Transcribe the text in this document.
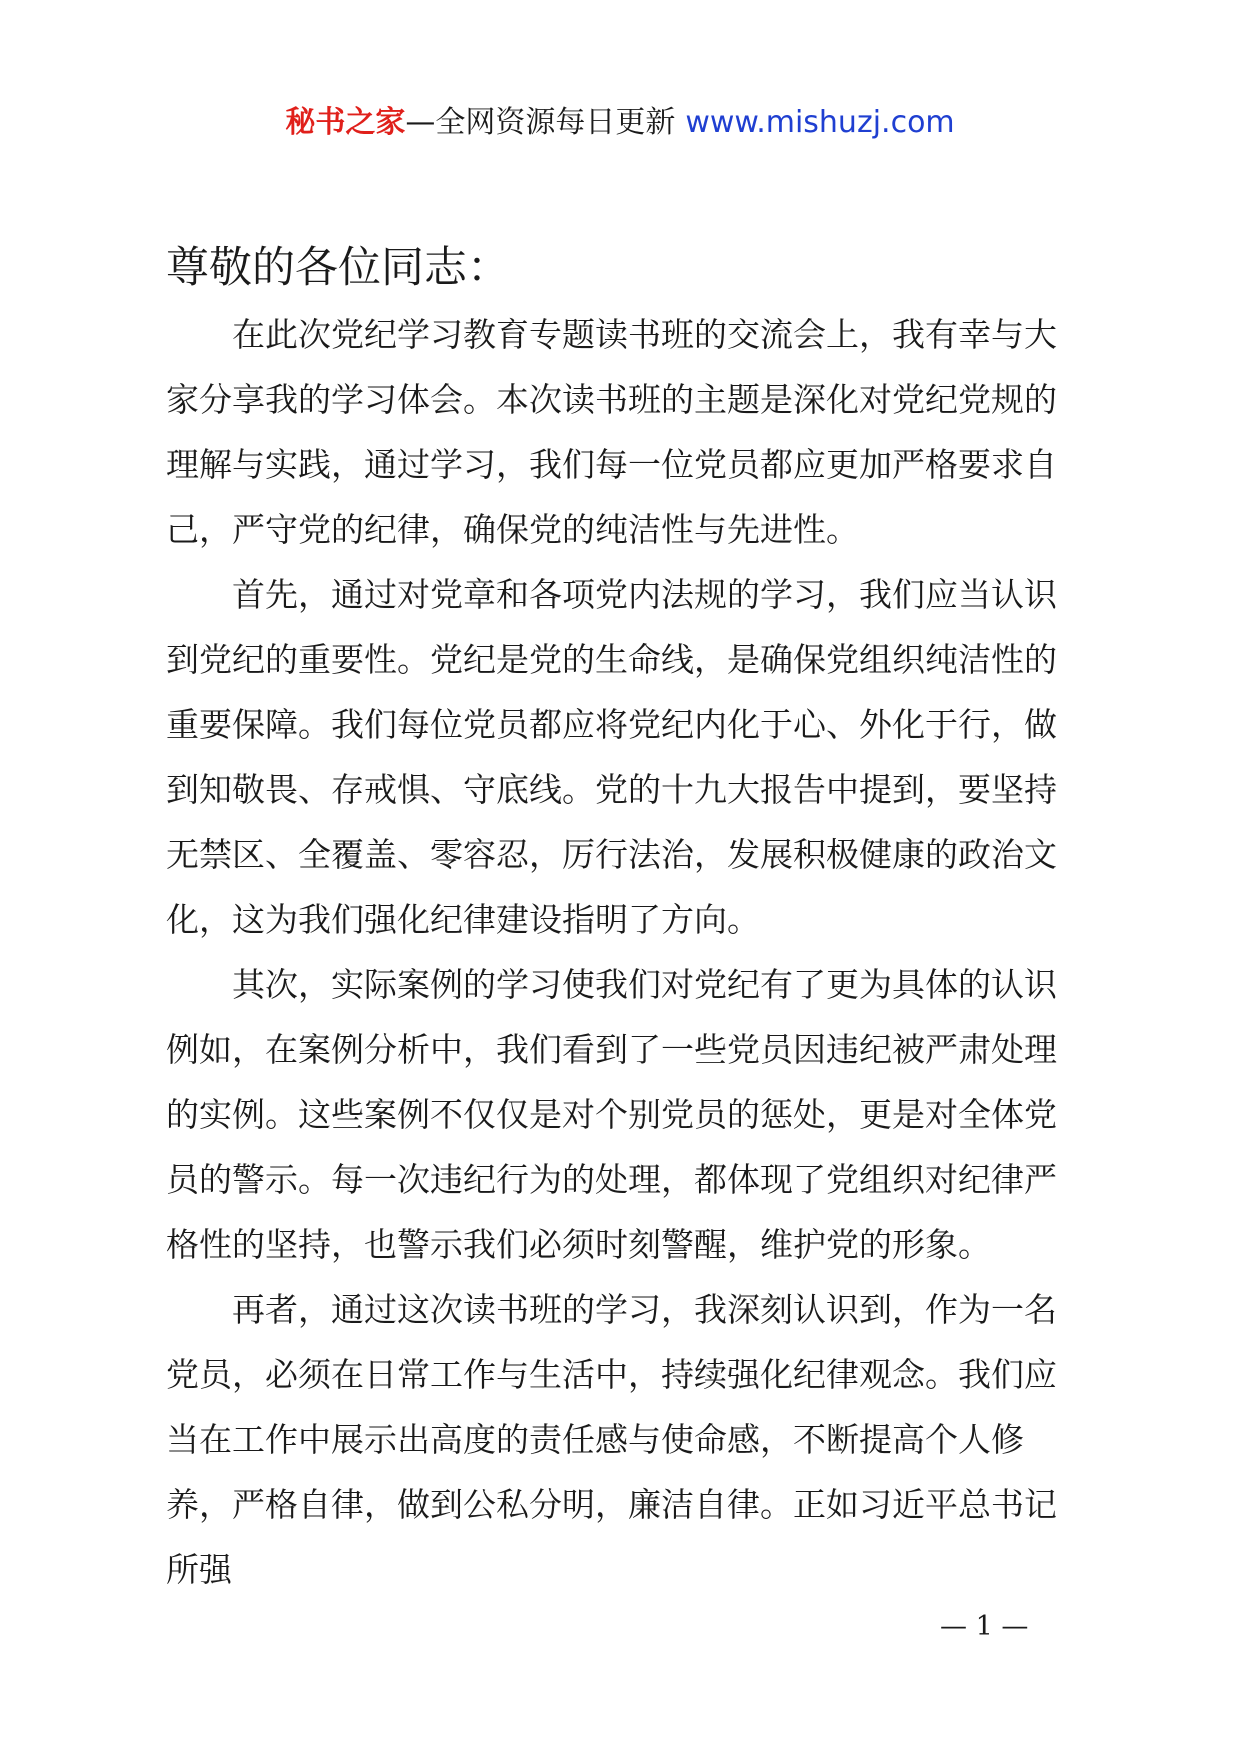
秘书之家—全网资源每日更新 www.mishuzj.com
尊敬的各位同志：

在此次党纪学习教育专题读书班的交流会上，我有幸与大家分享我的学习体会。本次读书班的主题是深化对党纪党规的理解与实践，通过学习，我们每一位党员都应更加严格要求自己，严守党的纪律，确保党的纯洁性与先进性。

首先，通过对党章和各项党内法规的学习，我们应当认识到党纪的重要性。党纪是党的生命线，是确保党组织纯洁性的重要保障。我们每位党员都应将党纪内化于心、外化于行，做到知敬畏、存戒惧、守底线。党的十九大报告中提到，要坚持无禁区、全覆盖、零容忍，厉行法治，发展积极健康的政治文化，这为我们强化纪律建设指明了方向。

其次，实际案例的学习使我们对党纪有了更为具体的认识例如，在案例分析中，我们看到了一些党员因违纪被严肃处理的实例。这些案例不仅仅是对个别党员的惩处，更是对全体党员的警示。每一次违纪行为的处理，都体现了党组织对纪律严格性的坚持，也警示我们必须时刻警醒，维护党的形象。

再者，通过这次读书班的学习，我深刻认识到，作为一名党员，必须在日常工作与生活中，持续强化纪律观念。我们应当在工作中展示出高度的责任感与使命感，不断提高个人修养，严格自律，做到公私分明，廉洁自律。正如习近平总书记所强

— 1 —
